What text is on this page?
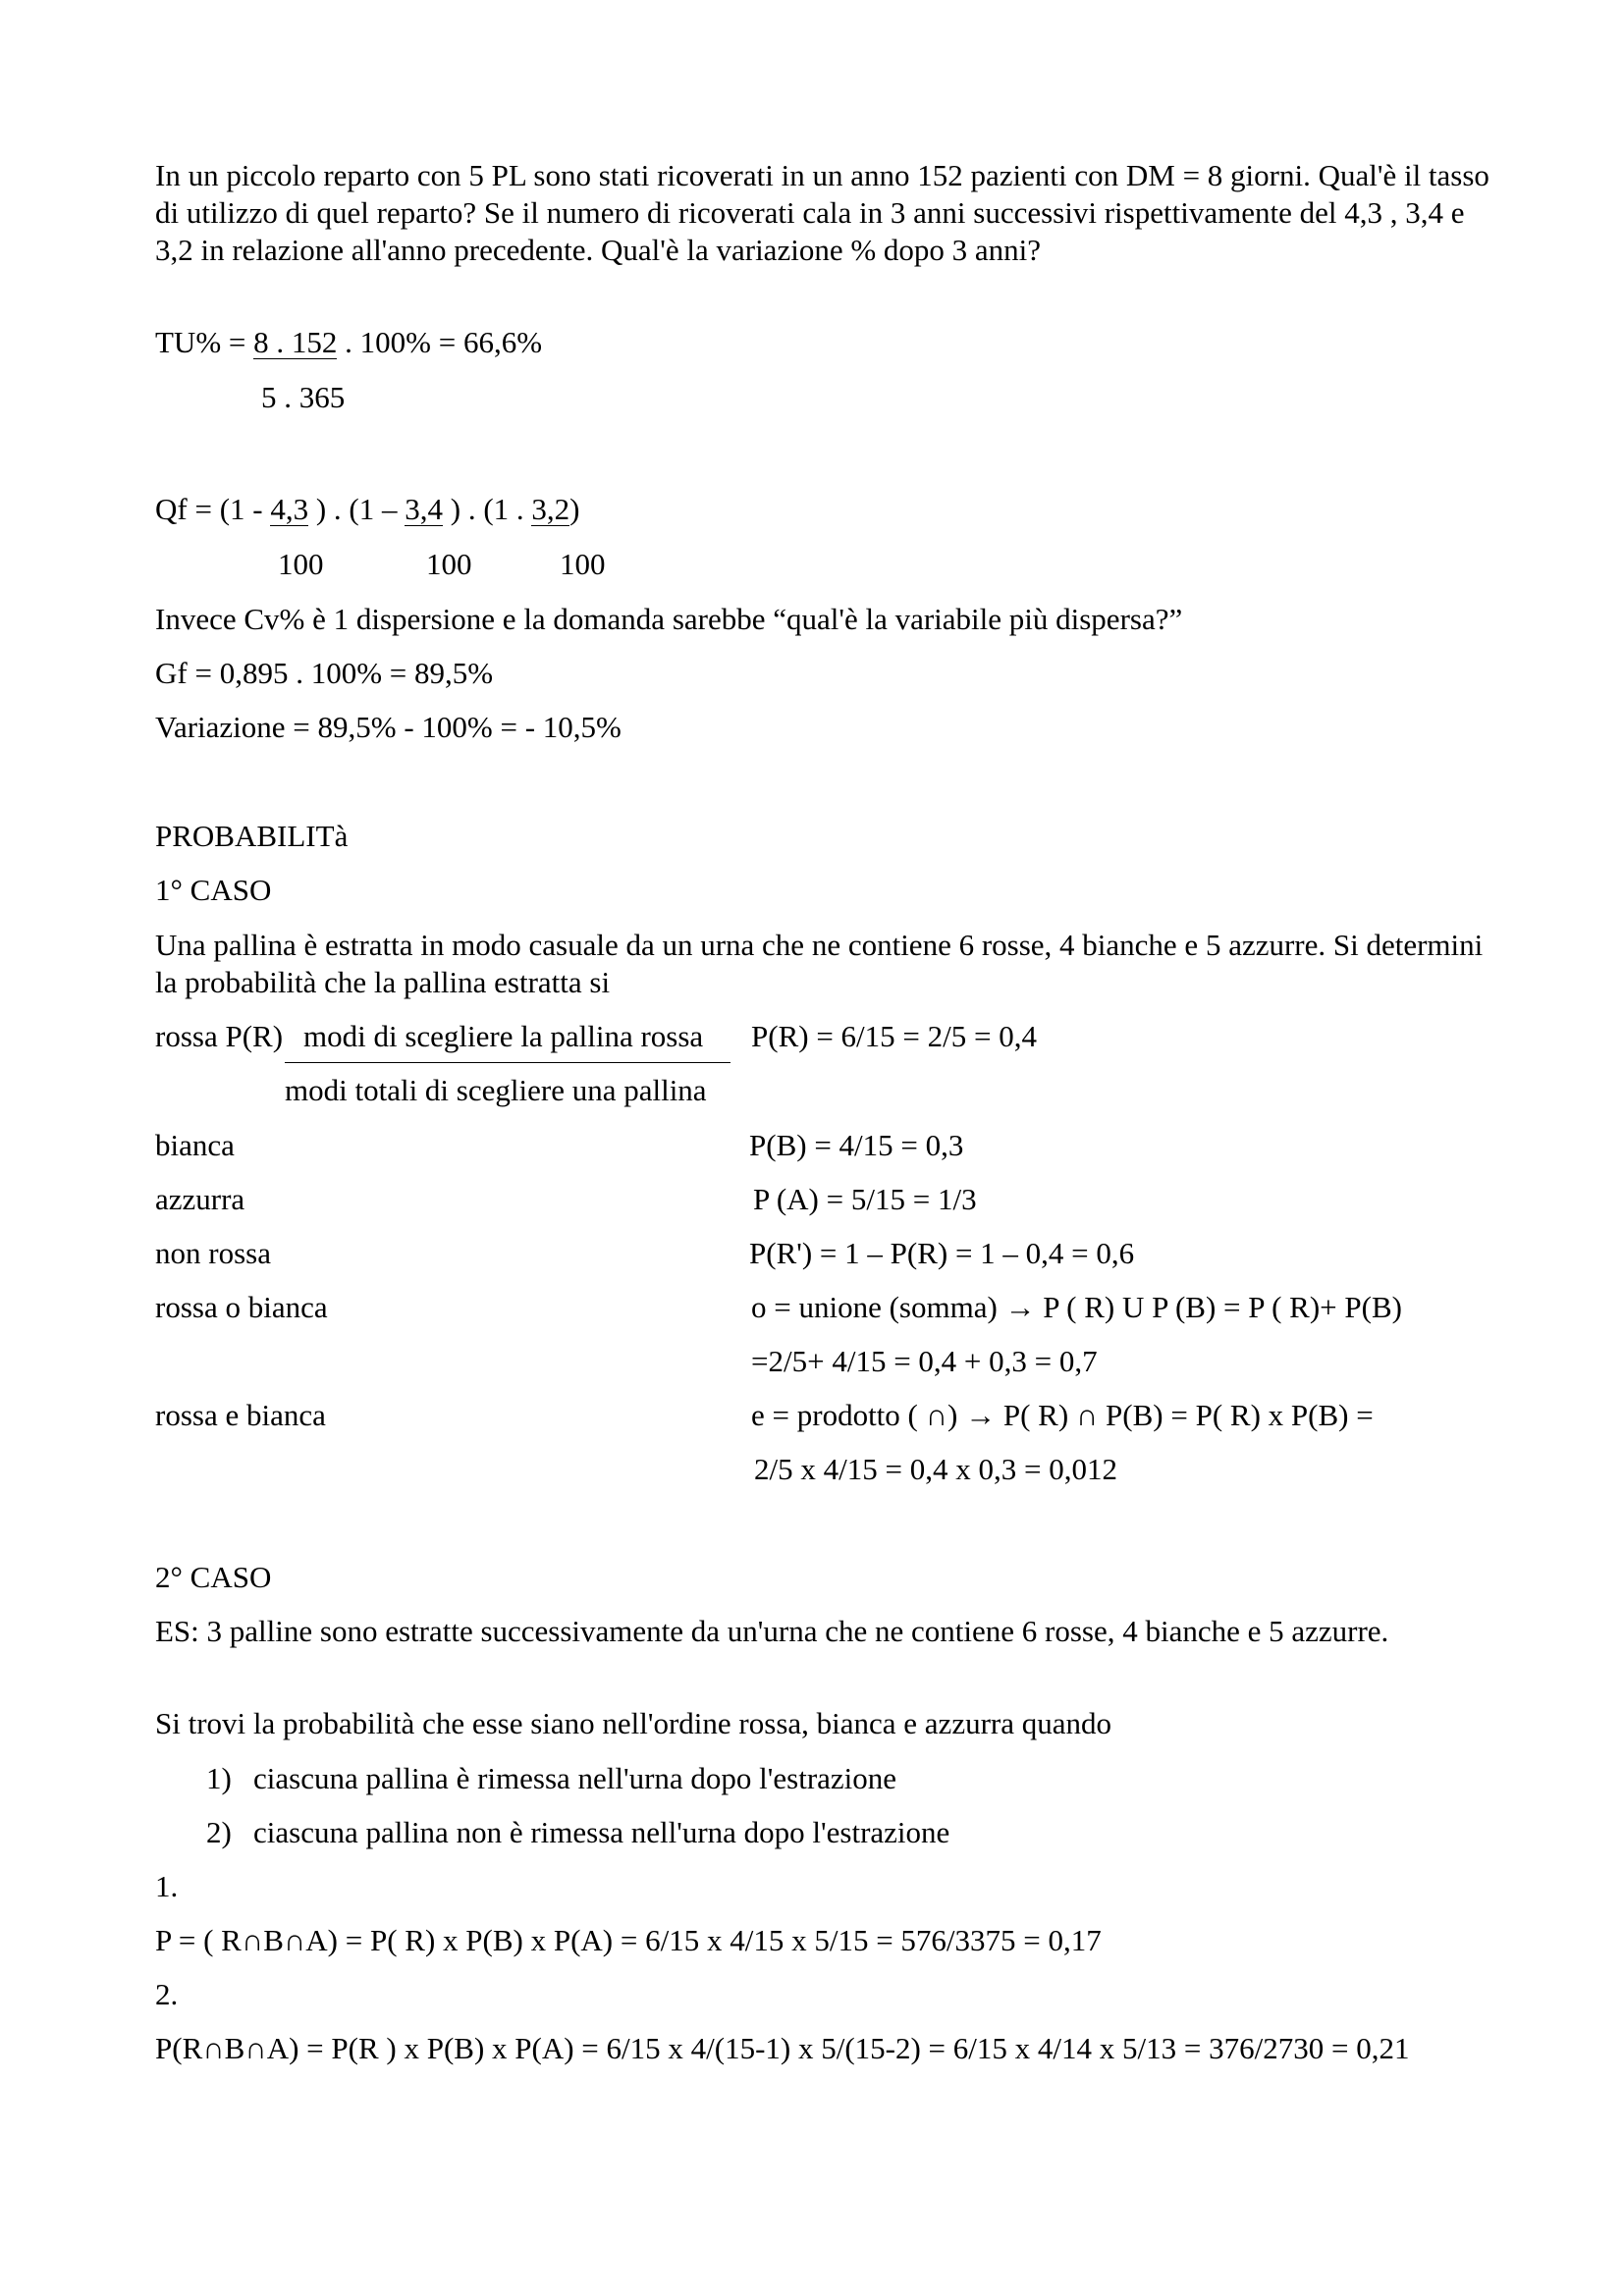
In un piccolo reparto con 5 PL sono stati ricoverati in un anno 152 pazienti con DM = 8 giorni. Qual'è il tasso di utilizzo di quel reparto? Se il numero di ricoverati cala in 3 anni successivi rispettivamente del 4,3 , 3,4 e 3,2 in relazione all'anno precedente. Qual'è la variazione % dopo 3 anni?
TU% = 8 . 152 . 100% = 66,6%
5 . 365
Qf = (1 - 4,3 ) . (1 – 3,4 ) . (1 . 3,2)
100	100	100
Invece Cv% è 1 dispersione e la domanda sarebbe “qual'è la variabile più dispersa?”
Gf = 0,895 . 100% = 89,5%
Variazione = 89,5% - 100% = - 10,5%
PROBABILITà
1° CASO
Una pallina è estratta in modo casuale da un urna che ne contiene 6 rosse, 4 bianche e 5 azzurre. Si determini la probabilità che la pallina estratta si
rossa P(R) modi di scegliere la pallina rossa P(R) = 6/15 = 2/5 = 0,4
modi totali di scegliere una pallina
bianca	P(B) = 4/15 = 0,3
azzurra	P (A) = 5/15 = 1/3
non rossa	P(R') = 1 – P(R) = 1 – 0,4 = 0,6
rossa o bianca	o = unione (somma) → P ( R) U P (B) = P ( R)+ P(B)
=2/5+ 4/15 = 0,4 + 0,3 = 0,7
rossa e bianca	e = prodotto ( ∩) → P( R) ∩ P(B) = P( R) x P(B) =
2/5 x 4/15 = 0,4 x 0,3 = 0,012
2° CASO
ES: 3 palline sono estratte successivamente da un'urna che ne contiene 6 rosse, 4 bianche e 5 azzurre.
Si trovi la probabilità che esse siano nell'ordine rossa, bianca e azzurra quando
1) ciascuna pallina è rimessa nell'urna dopo l'estrazione
2) ciascuna pallina non è rimessa nell'urna dopo l'estrazione
1.
P = ( R∩B∩A) = P( R) x P(B) x P(A) = 6/15 x 4/15 x 5/15 = 576/3375 = 0,17
2.
P(R∩B∩A) = P(R ) x P(B) x P(A) = 6/15 x 4/(15-1) x 5/(15-2) = 6/15 x 4/14 x 5/13 = 376/2730 = 0,21
